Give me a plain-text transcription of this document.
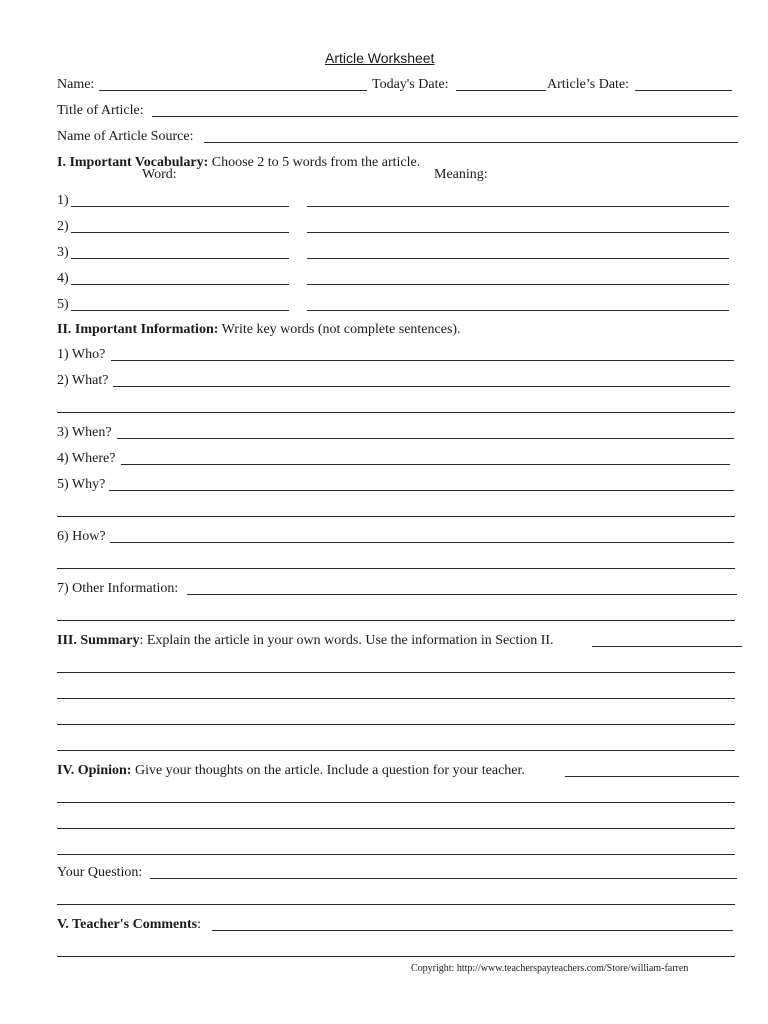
Article Worksheet
Name:	Today's Date:	Article’s Date:
Title of Article:
Name of Article Source:
I. Important Vocabulary: Choose 2 to 5 words from the article.
Word:	Meaning:
1)
2)
3)
4)
5)
II. Important Information: Write key words (not complete sentences).
1) Who?
2) What?
3) When?
4) Where?
5) Why?
6) How?
7) Other Information:
III. Summary: Explain the article in your own words. Use the information in Section II.
IV. Opinion: Give your thoughts on the article. Include a question for your teacher.
Your Question:
V. Teacher's Comments:
Copyright: http://www.teacherspayteachers.com/Store/william-farren
